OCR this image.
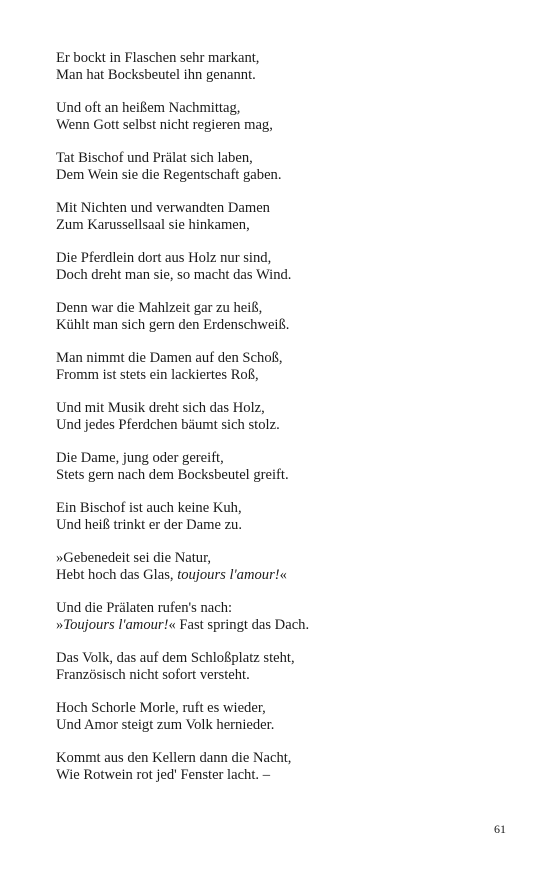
Er bockt in Flaschen sehr markant,
Man hat Bocksbeutel ihn genannt.
Und oft an heißem Nachmittag,
Wenn Gott selbst nicht regieren mag,
Tat Bischof und Prälat sich laben,
Dem Wein sie die Regentschaft gaben.
Mit Nichten und verwandten Damen
Zum Karussellsaal sie hinkamen,
Die Pferdlein dort aus Holz nur sind,
Doch dreht man sie, so macht das Wind.
Denn war die Mahlzeit gar zu heiß,
Kühlt man sich gern den Erdenschweiß.
Man nimmt die Damen auf den Schoß,
Fromm ist stets ein lackiertes Roß,
Und mit Musik dreht sich das Holz,
Und jedes Pferdchen bäumt sich stolz.
Die Dame, jung oder gereift,
Stets gern nach dem Bocksbeutel greift.
Ein Bischof ist auch keine Kuh,
Und heiß trinkt er der Dame zu.
»Gebenedeit sei die Natur,
Hebt hoch das Glas, toujours l'amour!«
Und die Prälaten rufen's nach:
»Toujours l'amour!« Fast springt das Dach.
Das Volk, das auf dem Schloßplatz steht,
Französisch nicht sofort versteht.
Hoch Schorle Morle, ruft es wieder,
Und Amor steigt zum Volk hernieder.
Kommt aus den Kellern dann die Nacht,
Wie Rotwein rot jed' Fenster lacht. –
61
